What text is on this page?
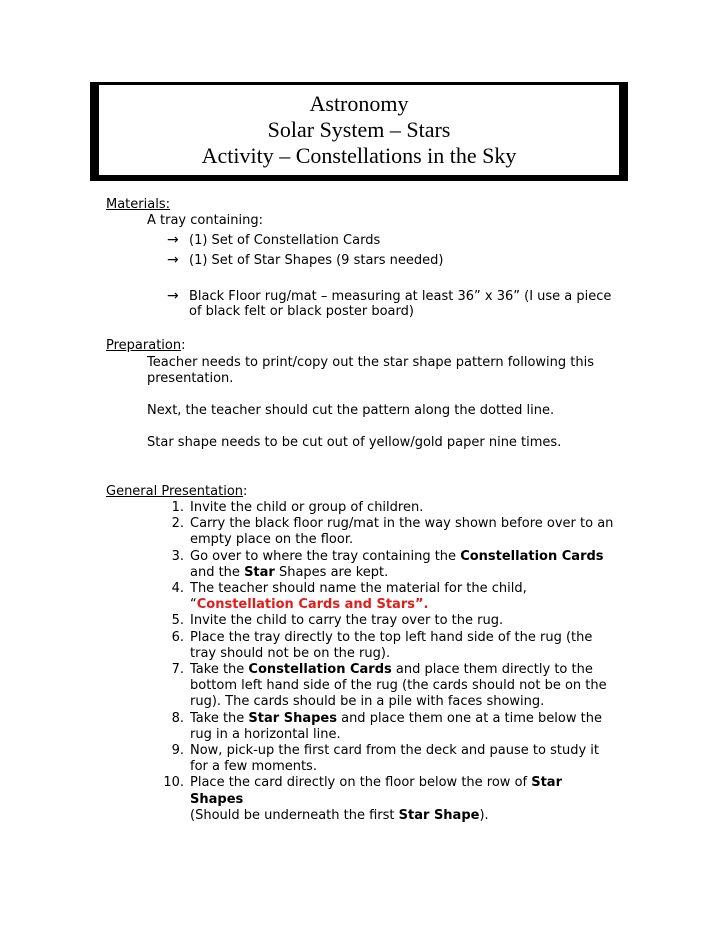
Astronomy
Solar System – Stars
Activity – Constellations in the Sky
Materials:
A tray containing:
→ (1) Set of Constellation Cards
→ (1) Set of Star Shapes (9 stars needed)
→ Black Floor rug/mat – measuring at least 36” x 36” (I use a piece
of black felt or black poster board)
Preparation:
Teacher needs to print/copy out the star shape pattern following this
presentation.
Next, the teacher should cut the pattern along the dotted line.
Star shape needs to be cut out of yellow/gold paper nine times.
General Presentation:
1. Invite the child or group of children.
2. Carry the black floor rug/mat in the way shown before over to an empty place on the floor.
3. Go over to where the tray containing the Constellation Cards and the Star Shapes are kept.
4. The teacher should name the material for the child,
“Constellation Cards and Stars”.
5. Invite the child to carry the tray over to the rug.
6. Place the tray directly to the top left hand side of the rug (the tray should not be on the rug).
7. Take the Constellation Cards and place them directly to the bottom left hand side of the rug (the cards should not be on the rug). The cards should be in a pile with faces showing.
8. Take the Star Shapes and place them one at a time below the rug in a horizontal line.
9. Now, pick-up the first card from the deck and pause to study it for a few moments.
10. Place the card directly on the floor below the row of Star Shapes
(Should be underneath the first Star Shape).
